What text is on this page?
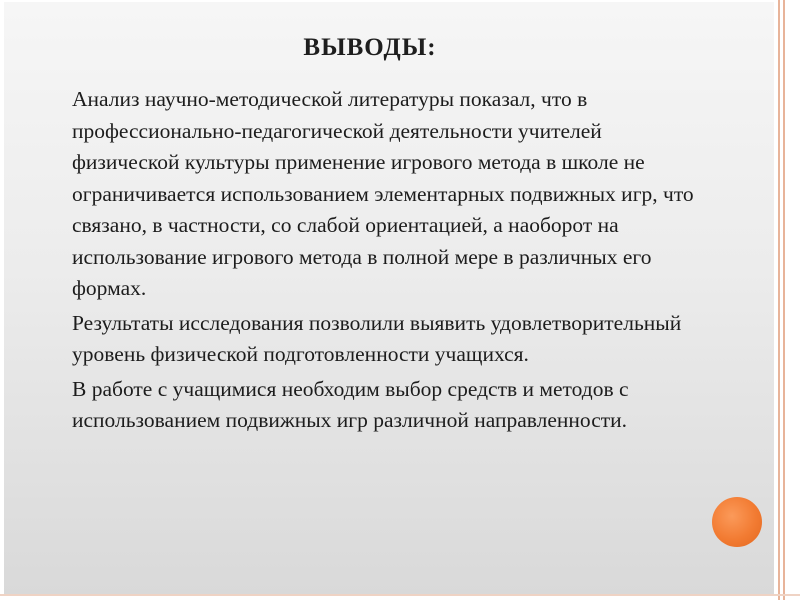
ВЫВОДЫ:
Анализ научно-методической литературы показал, что в профессионально-педагогической деятельности учителей физической культуры применение игрового метода в школе не ограничивается использованием элементарных подвижных игр, что связано, в частности, со слабой ориентацией, а наоборот на использование игрового метода в полной мере в различных его формах.
Результаты исследования позволили выявить удовлетворительный уровень физической подготовленности учащихся.
В работе с учащимися необходим выбор средств и методов с использованием подвижных игр различной направленности.
